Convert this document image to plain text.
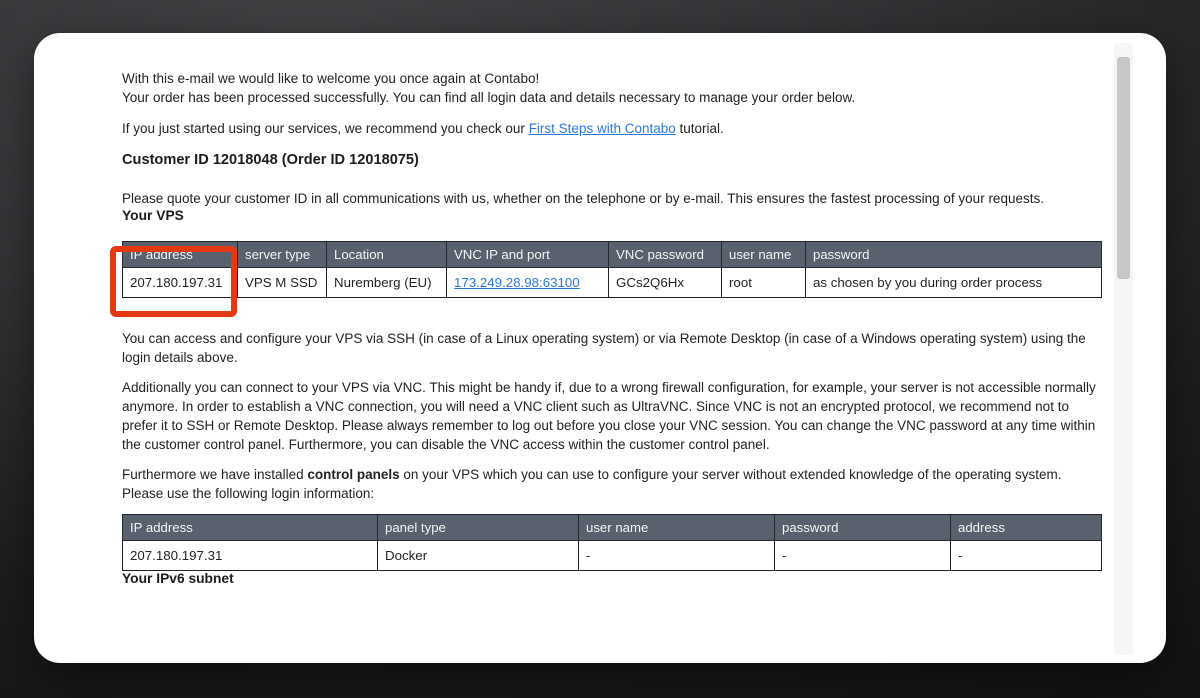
With this e-mail we would like to welcome you once again at Contabo!
Your order has been processed successfully. You can find all login data and details necessary to manage your order below.

If you just started using our services, we recommend you check our First Steps with Contabo tutorial.

Customer ID 12018048 (Order ID 12018075)

Please quote your customer ID in all communications with us, whether on the telephone or by e-mail. This ensures the fastest processing of your requests.

Your VPS
IP address	server type	Location	VNC IP and port	VNC password	user name	password
207.180.197.31	VPS M SSD	Nuremberg (EU)	173.249.28.98:63100	GCs2Q6Hx	root	as chosen by you during order process

You can access and configure your VPS via SSH (in case of a Linux operating system) or via Remote Desktop (in case of a Windows operating system) using the login details above.

Additionally you can connect to your VPS via VNC. This might be handy if, due to a wrong firewall configuration, for example, your server is not accessible normally anymore. In order to establish a VNC connection, you will need a VNC client such as UltraVNC. Since VNC is not an encrypted protocol, we recommend not to prefer it to SSH or Remote Desktop. Please always remember to log out before you close your VNC session. You can change the VNC password at any time within the customer control panel. Furthermore, you can disable the VNC access within the customer control panel.

Furthermore we have installed control panels on your VPS which you can use to configure your server without extended knowledge of the operating system. Please use the following login information:

IP address	panel type	user name	password	address
207.180.197.31	Docker	-	-	-
Your IPv6 subnet
